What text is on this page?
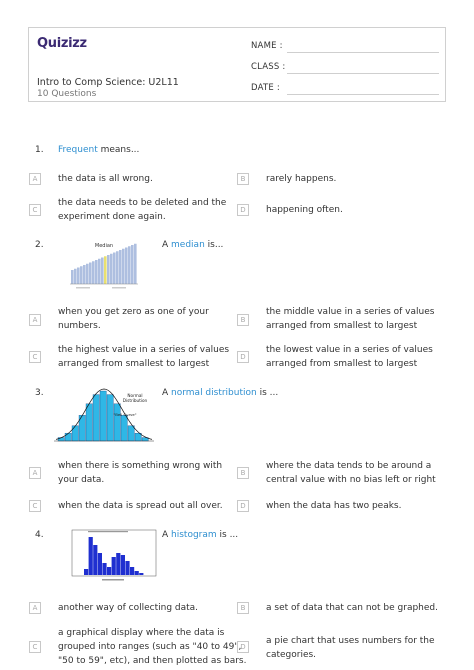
Quizizz
Intro to Comp Science: U2L11
10 Questions
NAME :
CLASS :
DATE :
1. Frequent means...
A	the data is all wrong.	B	rarely happens.
C
the data needs to be deleted and the
experiment done again.
D	happening often.
2.	Median	A median is...
A
when you get zero as one of your
numbers.
B
the middle value in a series of values
arranged from smallest to largest
C
the highest value in a series of values
arranged from smallest to largest
D
the lowest value in a series of values
arranged from smallest to largest
3.	Normal
Distribution
"Bell Curve"
A normal distribution is ...
A
when there is something wrong with
your data.
B
where the data tends to be around a
central value with no bias left or right
C	when the data is spread out all over.	D	when the data has two peaks.
4.	A histogram is ...
A	another way of collecting data.	B	a set of data that can not be graphed.
C
a graphical display where the data is
grouped into ranges (such as "40 to 49",
"50 to 59", etc), and then plotted as bars.
D
a pie chart that uses numbers for the
categories.
